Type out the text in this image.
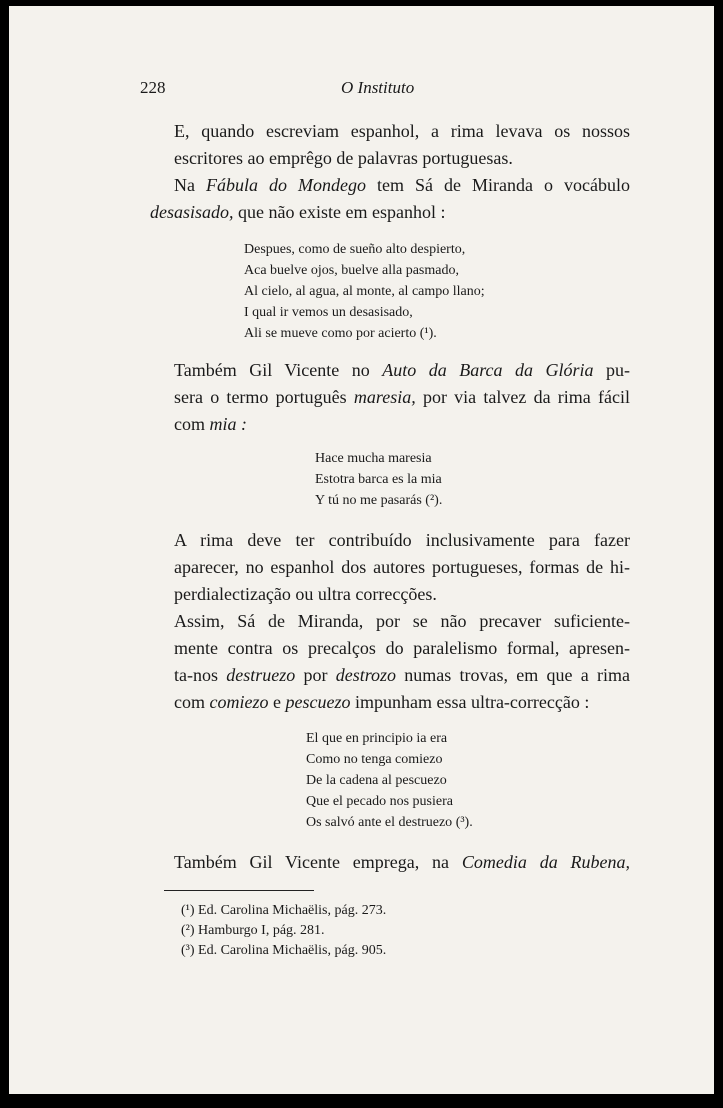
228	O Instituto

E, quando escreviam espanhol, a rima levava os nossos
escritores ao emprêgo de palavras portuguesas.

Na Fábula do Mondego tem Sá de Miranda o vocábulo
desasisado, que não existe em espanhol :

Despues, como de sueño alto despierto,
Aca buelve ojos, buelve alla pasmado,
Al cielo, al agua, al monte, al campo llano;
I qual ir vemos un desasisado,
Ali se mueve como por acierto (¹).

Também Gil Vicente no Auto da Barca da Glória pu-
sera o termo português maresia, por via talvez da rima fácil
com mia :

Hace mucha maresia
Estotra barca es la mia
Y tú no me pasarás (²).

A rima deve ter contribuído inclusivamente para fazer
aparecer, no espanhol dos autores portugueses, formas de hi-
perdialectização ou ultra correcções.

Assim, Sá de Miranda, por se não precaver suficiente-
mente contra os precalços do paralelismo formal, apresen-
ta-nos destruezo por destrozo numas trovas, em que a rima
com comiezo e pescuezo impunham essa ultra-correcção :

El que en principio ia era
Como no tenga comiezo
De la cadena al pescuezo
Que el pecado nos pusiera
Os salvó ante el destruezo (³).

Também Gil Vicente emprega, na Comedia da Rubena,

(¹) Ed. Carolina Michaëlis, pág. 273.
(²) Hamburgo I, pág. 281.
(³) Ed. Carolina Michaëlis, pág. 905.
